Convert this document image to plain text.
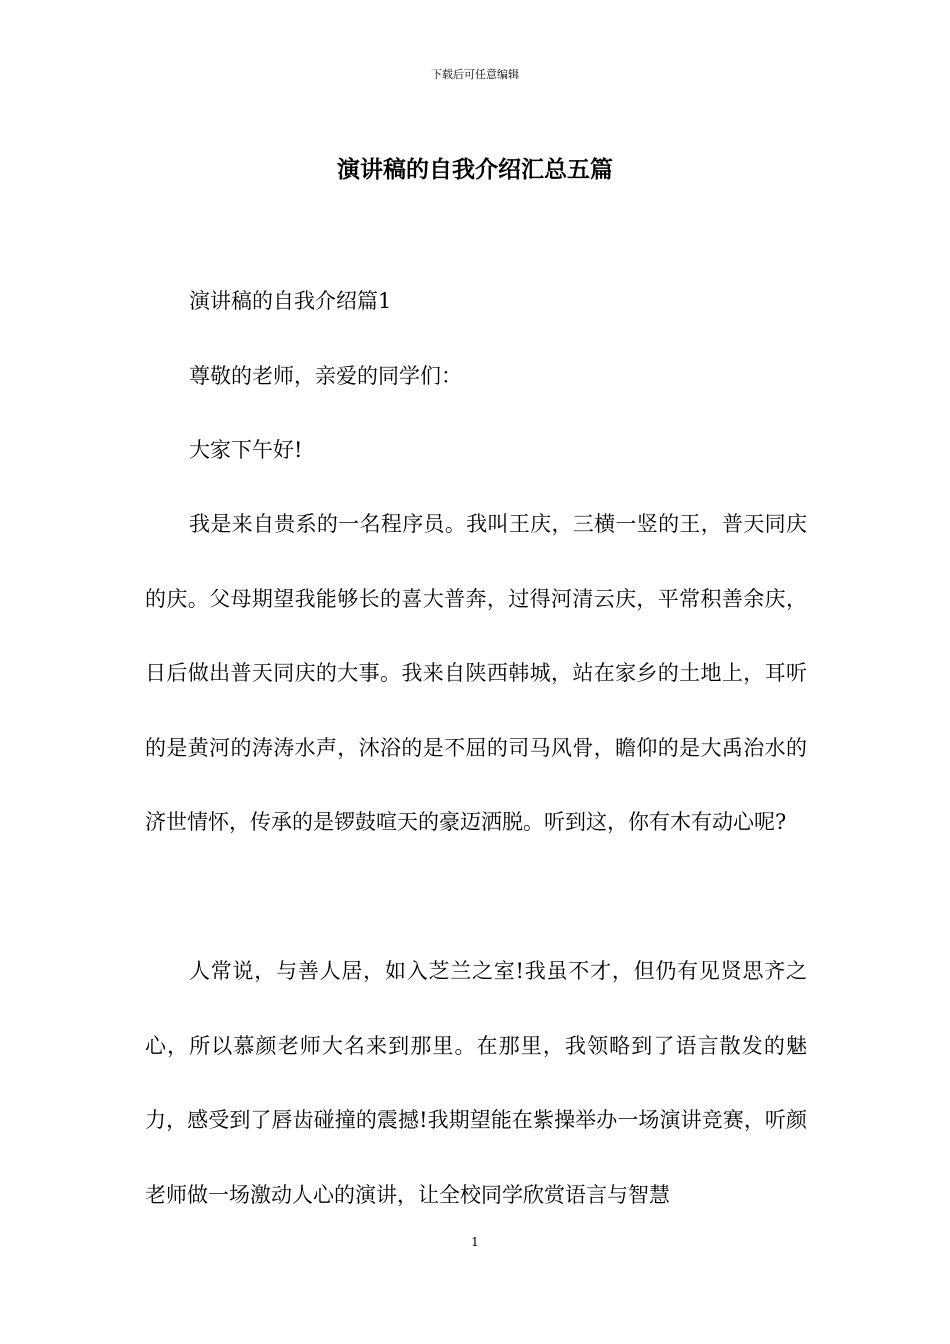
下载后可任意编辑
演讲稿的自我介绍汇总五篇

演讲稿的自我介绍篇1

尊敬的老师，亲爱的同学们：

大家下午好!

我是来自贵系的一名程序员。我叫王庆，三横一竖的王，普天同庆的庆。父母期望我能够长的喜大普奔，过得河清云庆，平常积善余庆，日后做出普天同庆的大事。我来自陕西韩城，站在家乡的土地上，耳听的是黄河的涛涛水声，沐浴的是不屈的司马风骨，瞻仰的是大禹治水的济世情怀，传承的是锣鼓喧天的豪迈洒脱。听到这，你有木有动心呢?

人常说，与善人居，如入芝兰之室!我虽不才，但仍有见贤思齐之心，所以慕颜老师大名来到那里。在那里，我领略到了语言散发的魅力，感受到了唇齿碰撞的震撼!我期望能在紫操举办一场演讲竞赛，听颜老师做一场激动人心的演讲，让全校同学欣赏语言与智慧

1
